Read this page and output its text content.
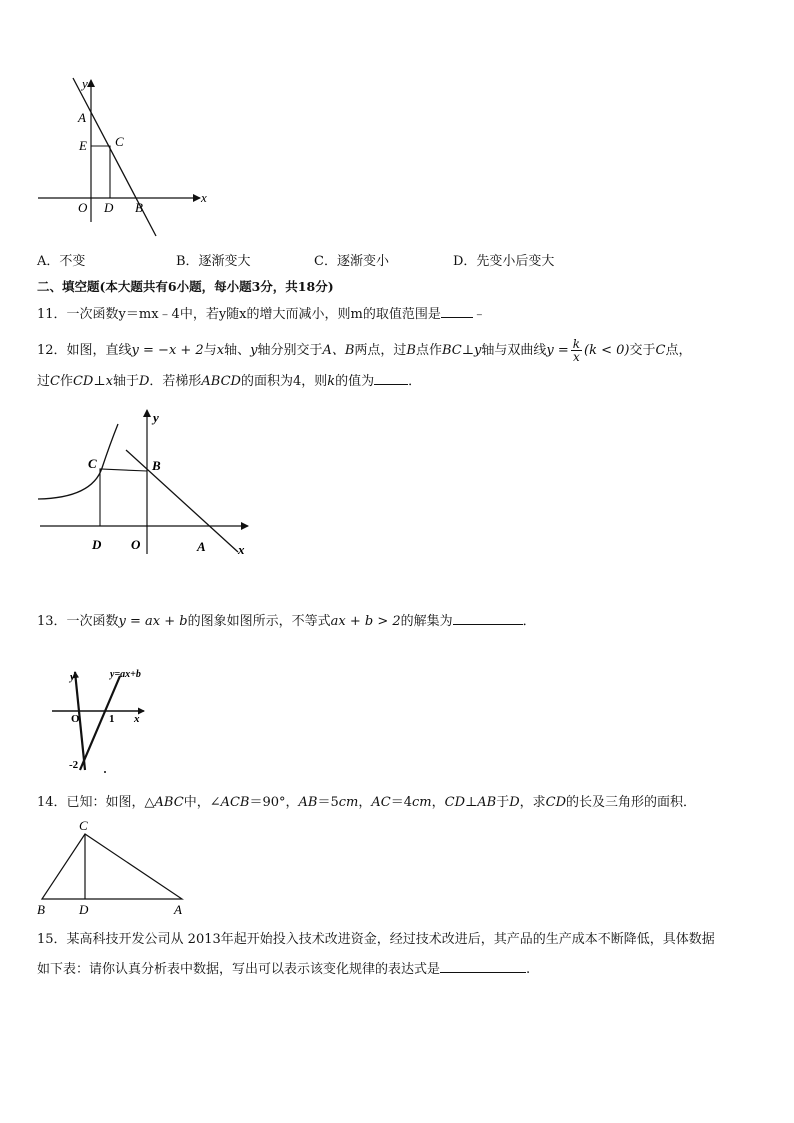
y
A
C
E
x
O D B
A．不变	B．逐渐变大	C．逐渐变小	D．先变小后变大
二、填空题(本大题共有6小题，每小题3分，共18分)
11．一次函数y＝mx﹣4中，若y随x的增大而减小，则m的取值范围是 ﹣
12．如图，直线y = −x + 2与x轴、y轴分别交于A、B两点，过B点作BC⊥y轴与双曲线$y = \frac{k}{x} (k < 0)$交于C点，
过C作CD⊥x轴于D．若梯形ABCD的面积为4，则k的值为	．
y
C	B
D O	A x
13．一次函数y = ax + b的图象如图所示，不等式ax + b > 2的解集为	．
y=ax+b
y
O	1 x
-2
14．已知：如图，△ABC中，∠ACB＝90°，AB＝5cm，AC＝4cm，CD⊥AB于D，求CD的长及三角形的面积．
C
B	D	A
15．某高科技开发公司从 2013年起开始投入技术改进资金，经过技术改进后，其产品的生产成本不断降低，具体数据
如下表：请你认真分析表中数据，写出可以表示该变化规律的表达式是	.
